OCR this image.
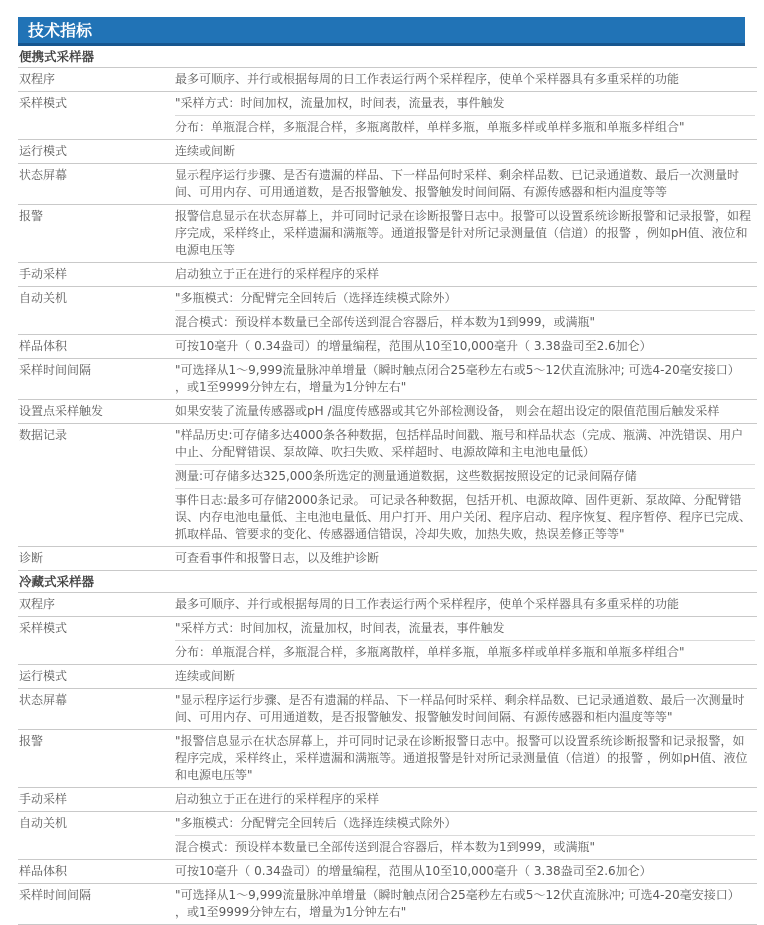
技术指标
便携式采样器
双程序	最多可顺序、并行或根据每周的日工作表运行两个采样程序，使单个采样器具有多重采样的功能

采样模式	"采样方式：时间加权，流量加权，时间表，流量表，事件触发

分布：单瓶混合样，多瓶混合样，多瓶离散样，单样多瓶，单瓶多样或单样多瓶和单瓶多样组合"

运行模式	连续或间断

状态屏幕	显示程序运行步骤、是否有遗漏的样品、下一样品何时采样、剩余样品数、已记录通道数、最后一次测量时间、可用内存、可用通道数，是否报警触发、报警触发时间间隔、有源传感器和柜内温度等等

报警	报警信息显示在状态屏幕上，并可同时记录在诊断报警日志中。报警可以设置系统诊断报警和记录报警，如程序完成，采样终止，采样遗漏和满瓶等。通道报警是针对所记录测量值（信道）的报警 ，例如pH值、液位和电源电压等

手动采样	启动独立于正在进行的采样程序的采样

自动关机	"多瓶模式：分配臂完全回转后（选择连续模式除外）

混合模式：预设样本数量已全部传送到混合容器后，样本数为1到999，或满瓶"

样品体积	可按10毫升（ 0.34盎司）的增量编程，范围从10至10,000毫升（ 3.38盎司至2.6加仑）

采样时间间隔	"可选择从1～9,999流量脉冲单增量（瞬时触点闭合25毫秒左右或5～12伏直流脉冲; 可选4-20毫安接口） ，或1至9999分钟左右，增量为1分钟左右"

设置点采样触发	如果安装了流量传感器或pH /温度传感器或其它外部检测设备， 则会在超出设定的限值范围后触发采样

数据记录	"样品历史:可存储多达4000条各种数据，包括样品时间戳、瓶号和样品状态（完成、瓶满、冲洗错误、用户中止、分配臂错误、泵故障、吹扫失败、采样超时、电源故障和主电池电量低）

测量:可存储多达325,000条所选定的测量通道数据，这些数据按照设定的记录间隔存储

事件日志:最多可存储2000条记录。 可记录各种数据，包括开机、电源故障、固件更新、泵故障、分配臂错误、内存电池电量低、主电池电量低、用户打开、用户关闭、程序启动、程序恢复、程序暂停、程序已完成、抓取样品、管要求的变化、传感器通信错误，冷却失败，加热失败，热误差修正等等"

诊断	可查看事件和报警日志，以及维护诊断

冷藏式采样器
双程序	最多可顺序、并行或根据每周的日工作表运行两个采样程序，使单个采样器具有多重采样的功能

采样模式	"采样方式：时间加权，流量加权，时间表，流量表，事件触发

分布：单瓶混合样，多瓶混合样，多瓶离散样，单样多瓶，单瓶多样或单样多瓶和单瓶多样组合"

运行模式	连续或间断

状态屏幕	"显示程序运行步骤、是否有遗漏的样品、下一样品何时采样、剩余样品数、已记录通道数、最后一次测量时间、可用内存、可用通道数，是否报警触发、报警触发时间间隔、有源传感器和柜内温度等等"

报警	"报警信息显示在状态屏幕上，并可同时记录在诊断报警日志中。报警可以设置系统诊断报警和记录报警，如程序完成，采样终止，采样遗漏和满瓶等。通道报警是针对所记录测量值（信道）的报警 ，例如pH值、液位和电源电压等"

手动采样	启动独立于正在进行的采样程序的采样

自动关机	"多瓶模式：分配臂完全回转后（选择连续模式除外）

混合模式：预设样本数量已全部传送到混合容器后，样本数为1到999，或满瓶"

样品体积	可按10毫升（ 0.34盎司）的增量编程，范围从10至10,000毫升（ 3.38盎司至2.6加仑）

采样时间间隔	"可选择从1～9,999流量脉冲单增量（瞬时触点闭合25毫秒左右或5～12伏直流脉冲; 可选4-20毫安接口） ，或1至9999分钟左右，增量为1分钟左右"
